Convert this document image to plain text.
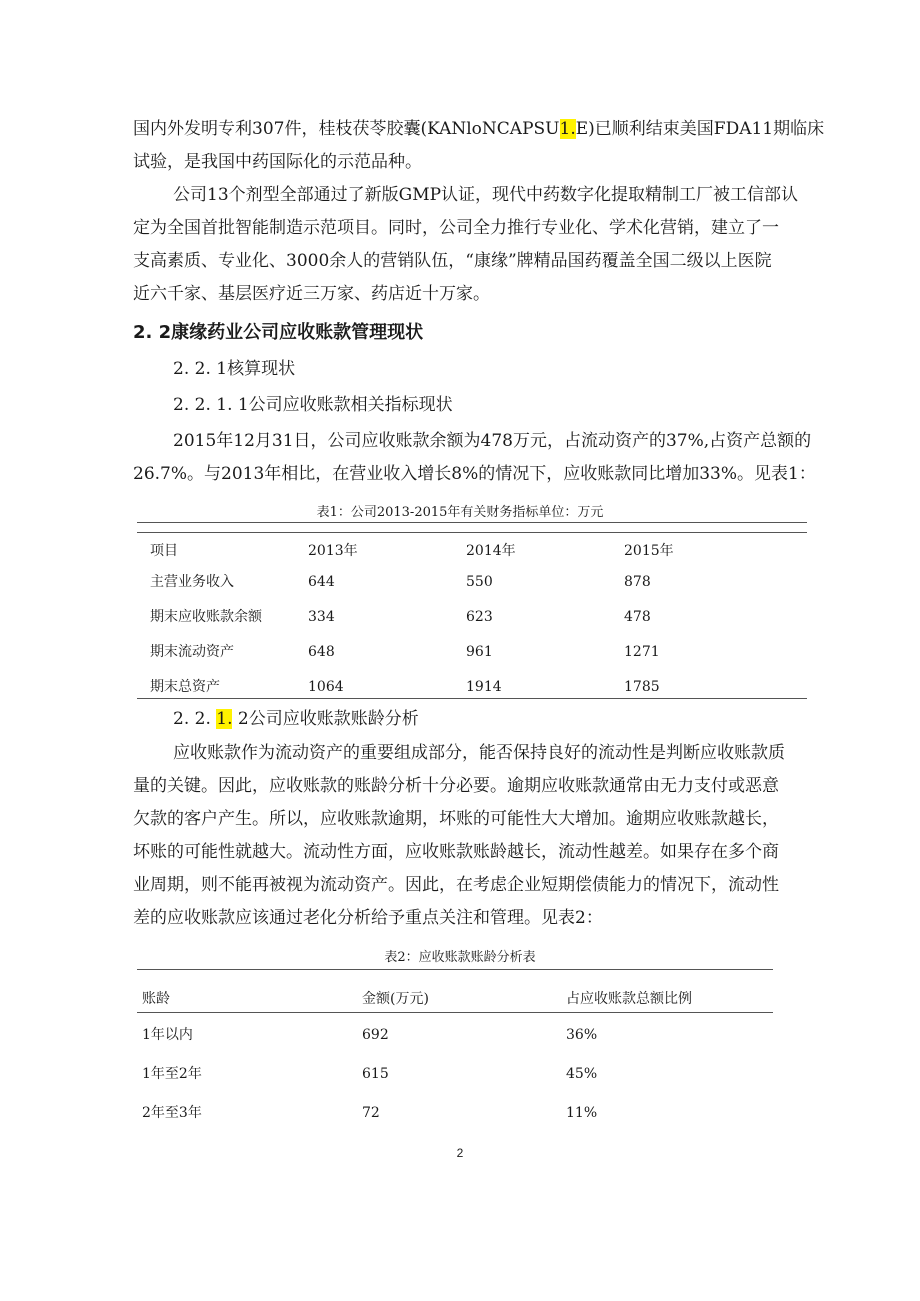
国内外发明专利307件，桂枝茯苓胶囊(KANloNCAPSU1.E)已顺利结束美国FDA11期临床
试验，是我国中药国际化的示范品种。
公司13个剂型全部通过了新版GMP认证，现代中药数字化提取精制工厂被工信部认
定为全国首批智能制造示范项目。同时，公司全力推行专业化、学术化营销，建立了一
支高素质、专业化、3000余人的营销队伍，“康缘”牌精品国药覆盖全国二级以上医院
近六千家、基层医疗近三万家、药店近十万家。
2. 2康缘药业公司应收账款管理现状
2. 2. 1核算现状
2. 2. 1. 1公司应收账款相关指标现状
2015年12月31日，公司应收账款余额为478万元，占流动资产的37%,占资产总额的
26.7%。与2013年相比，在营业收入增长8%的情况下，应收账款同比增加33%。见表1：
表1：公司2013-2015年有关财务指标单位：万元
项目	2013年	2014年	2015年
主营业务收入	644	550	878
期末应收账款余额	334	623	478
期末流动资产	648	961	1271
期末总资产	1064	1914	1785
2. 2. 1. 2公司应收账款账龄分析
应收账款作为流动资产的重要组成部分，能否保持良好的流动性是判断应收账款质
量的关键。因此，应收账款的账龄分析十分必要。逾期应收账款通常由无力支付或恶意
欠款的客户产生。所以，应收账款逾期，坏账的可能性大大增加。逾期应收账款越长，
坏账的可能性就越大。流动性方面，应收账款账龄越长，流动性越差。如果存在多个商
业周期，则不能再被视为流动资产。因此，在考虑企业短期偿债能力的情况下，流动性
差的应收账款应该通过老化分析给予重点关注和管理。见表2：
表2：应收账款账龄分析表
账龄	金额(万元)	占应收账款总额比例
1年以内	692	36%
1年至2年	615	45%
2年至3年	72	11%
2
